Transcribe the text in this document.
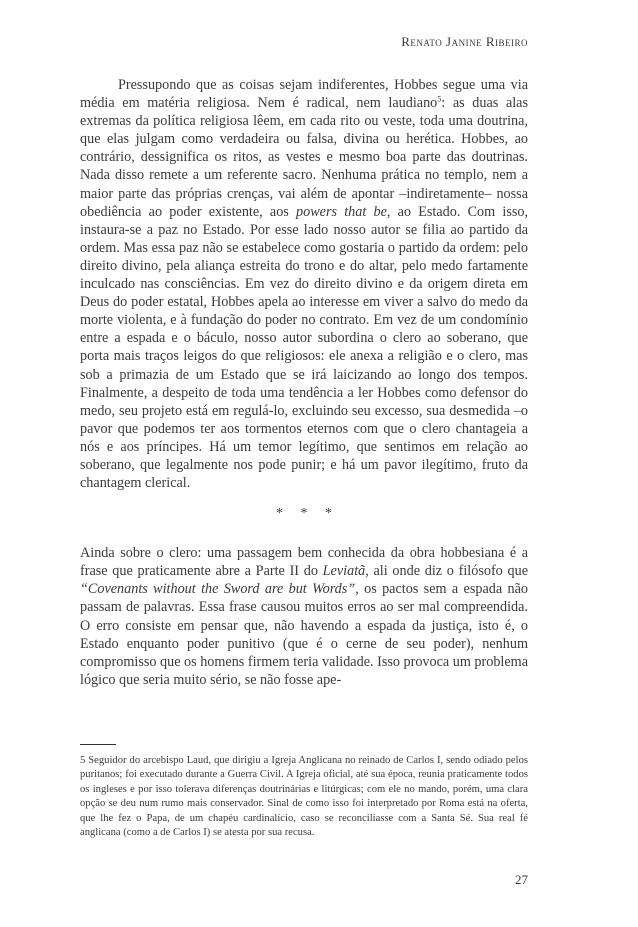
Renato Janine Ribeiro

Pressupondo que as coisas sejam indiferentes, Hobbes segue uma via média em matéria religiosa. Nem é radical, nem laudiano$^5$: as duas alas extremas da política religiosa lêem, em cada rito ou veste, toda uma doutrina, que elas julgam como verdadeira ou falsa, divina ou herética. Hobbes, ao contrário, dessignifica os ritos, as vestes e mesmo boa parte das doutrinas. Nada disso remete a um referente sacro. Nenhuma prática no templo, nem a maior parte das próprias crenças, vai além de apontar –indiretamente– nossa obediência ao poder existente, aos powers that be, ao Estado. Com isso, instaura-se a paz no Estado. Por esse lado nosso autor se filia ao partido da ordem. Mas essa paz não se estabelece como gostaria o partido da ordem: pelo direito divino, pela aliança estreita do trono e do altar, pelo medo fartamente inculcado nas consciências. Em vez do direito divino e da origem direta em Deus do poder estatal, Hobbes apela ao interesse em viver a salvo do medo da morte violenta, e à fundação do poder no contrato. Em vez de um condomínio entre a espada e o báculo, nosso autor subordina o clero ao soberano, que porta mais traços leigos do que religiosos: ele anexa a religião e o clero, mas sob a primazia de um Estado que se irá laicizando ao longo dos tempos. Finalmente, a despeito de toda uma tendência a ler Hobbes como defensor do medo, seu projeto está em regulá-lo, excluindo seu excesso, sua desmedida –o pavor que podemos ter aos tormentos eternos com que o clero chantageia a nós e aos príncipes. Há um temor legítimo, que sentimos em relação ao soberano, que legalmente nos pode punir; e há um pavor ilegítimo, fruto da chantagem clerical.

* * *

Ainda sobre o clero: uma passagem bem conhecida da obra hobbesiana é a frase que praticamente abre a Parte II do Leviatã, ali onde diz o filósofo que “Covenants without the Sword are but Words”, os pactos sem a espada não passam de palavras. Essa frase causou muitos erros ao ser mal compreendida. O erro consiste em pensar que, não havendo a espada da justiça, isto é, o Estado enquanto poder punitivo (que é o cerne de seu poder), nenhum compromisso que os homens firmem teria validade. Isso provoca um problema lógico que seria muito sério, se não fosse ape-

5 Seguidor do arcebispo Laud, que dirigiu a Igreja Anglicana no reinado de Carlos I, sendo odiado pelos puritanos; foi executado durante a Guerra Civil. A Igreja oficial, até sua época, reunia praticamente todos os ingleses e por isso tolerava diferenças doutrinárias e litúrgicas; com ele no mando, porém, uma clara opção se deu num rumo mais conservador. Sinal de como isso foi interpretado por Roma está na oferta, que lhe fez o Papa, de um chapéu cardinalício, caso se reconciliasse com a Santa Sé. Sua real fé anglicana (como a de Carlos I) se atesta por sua recusa.

27
